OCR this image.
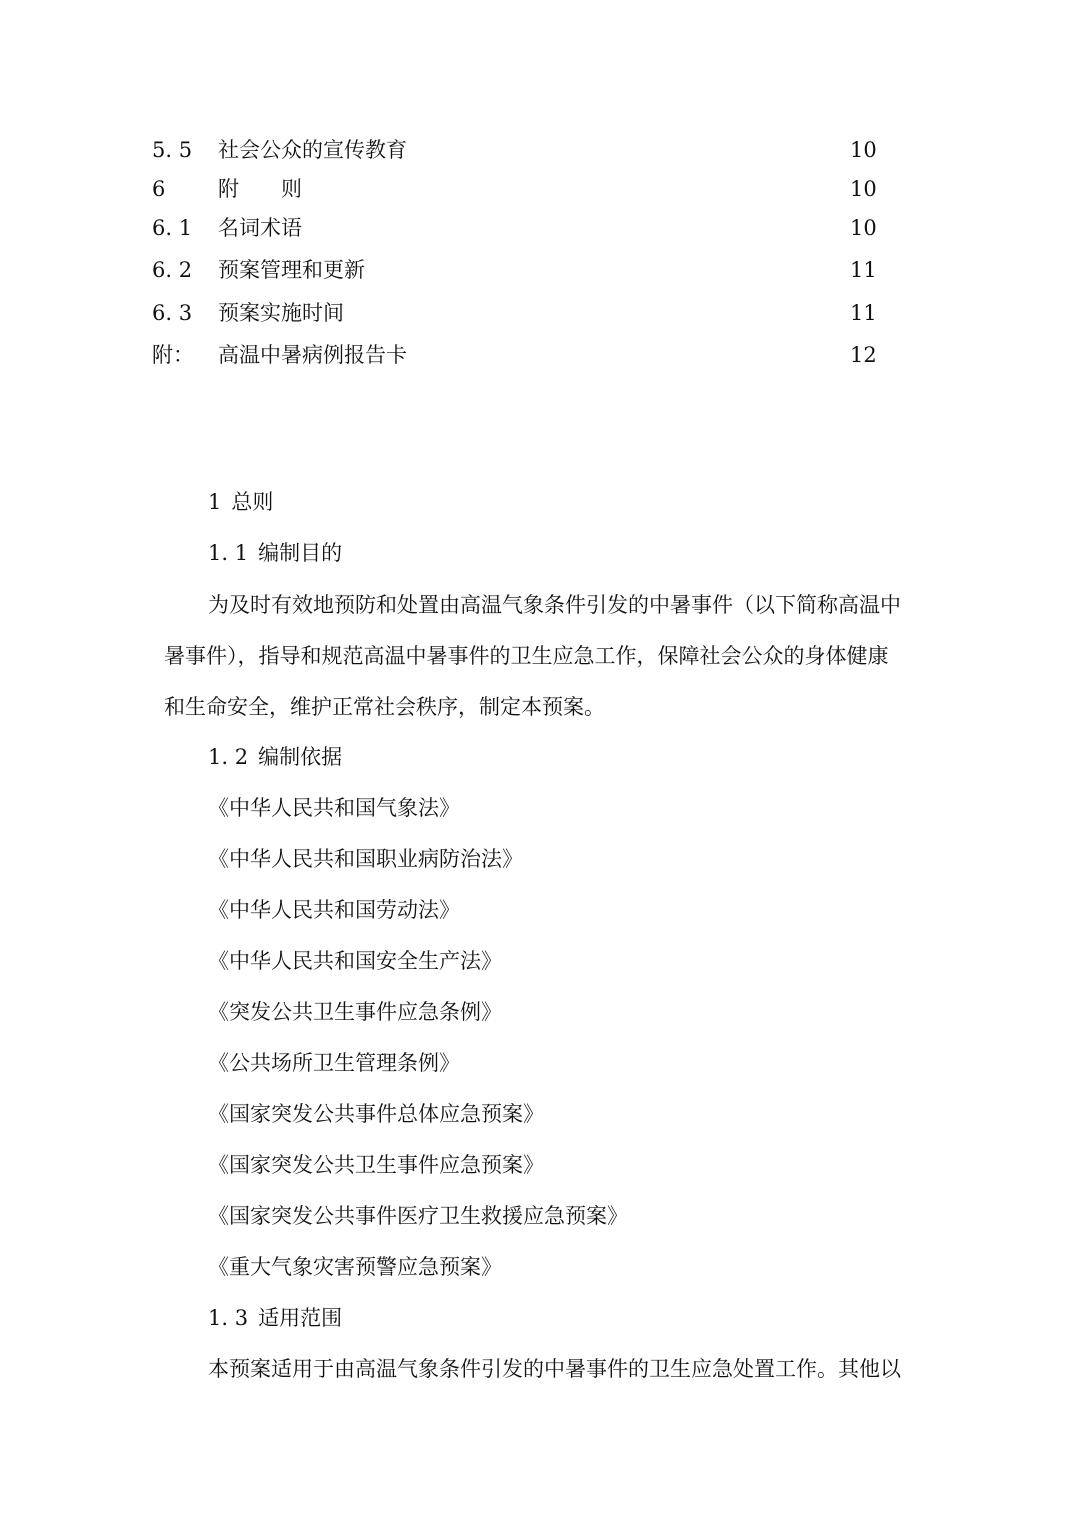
5. 5 社会公众的宣传教育	10
6	附　　则	10
6. 1 名词术语	10
6. 2 预案管理和更新	11
6. 3 预案实施时间	11
附： 高温中暑病例报告卡	12
1 总则
1. 1 编制目的
为及时有效地预防和处置由高温气象条件引发的中暑事件（以下简称高温中
暑事件），指导和规范高温中暑事件的卫生应急工作，保障社会公众的身体健康
和生命安全，维护正常社会秩序，制定本预案。
1. 2 编制依据
《中华人民共和国气象法》
《中华人民共和国职业病防治法》
《中华人民共和国劳动法》
《中华人民共和国安全生产法》
《突发公共卫生事件应急条例》
《公共场所卫生管理条例》
《国家突发公共事件总体应急预案》
《国家突发公共卫生事件应急预案》
《国家突发公共事件医疗卫生救援应急预案》
《重大气象灾害预警应急预案》
1. 3 适用范围
本预案适用于由高温气象条件引发的中暑事件的卫生应急处置工作。其他以
